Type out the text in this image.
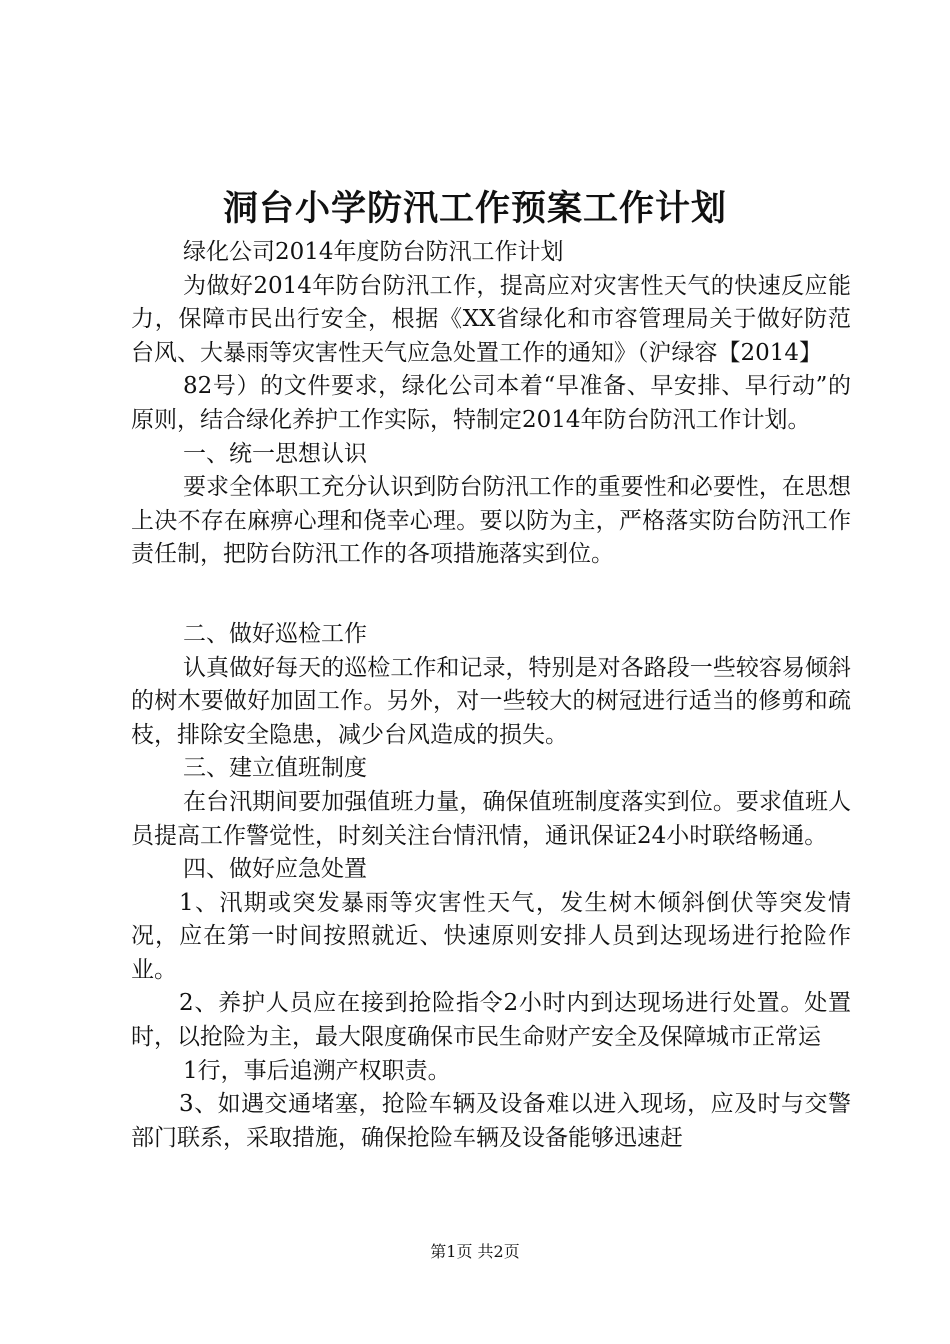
洞台小学防汛工作预案工作计划

绿化公司2014年度防台防汛工作计划

为做好2014年防台防汛工作，提高应对灾害性天气的快速反应能力，保障市民出行安全，根据《XX省绿化和市容管理局关于做好防范台风、大暴雨等灾害性天气应急处置工作的通知》（沪绿容【2014】

82号）的文件要求，绿化公司本着“早准备、早安排、早行动”的原则，结合绿化养护工作实际，特制定2014年防台防汛工作计划。

一、统一思想认识

要求全体职工充分认识到防台防汛工作的重要性和必要性，在思想上决不存在麻痹心理和侥幸心理。要以防为主，严格落实防台防汛工作责任制，把防台防汛工作的各项措施落实到位。

二、做好巡检工作

认真做好每天的巡检工作和记录，特别是对各路段一些较容易倾斜的树木要做好加固工作。另外，对一些较大的树冠进行适当的修剪和疏枝，排除安全隐患，减少台风造成的损失。

三、建立值班制度

在台汛期间要加强值班力量，确保值班制度落实到位。要求值班人员提高工作警觉性，时刻关注台情汛情，通讯保证24小时联络畅通。

四、做好应急处置

1、汛期或突发暴雨等灾害性天气，发生树木倾斜倒伏等突发情况，应在第一时间按照就近、快速原则安排人员到达现场进行抢险作业。

2、养护人员应在接到抢险指令2小时内到达现场进行处置。处置时，以抢险为主，最大限度确保市民生命财产安全及保障城市正常运

1行，事后追溯产权职责。

3、如遇交通堵塞，抢险车辆及设备难以进入现场，应及时与交警部门联系，采取措施，确保抢险车辆及设备能够迅速赶

第1页 共2页
